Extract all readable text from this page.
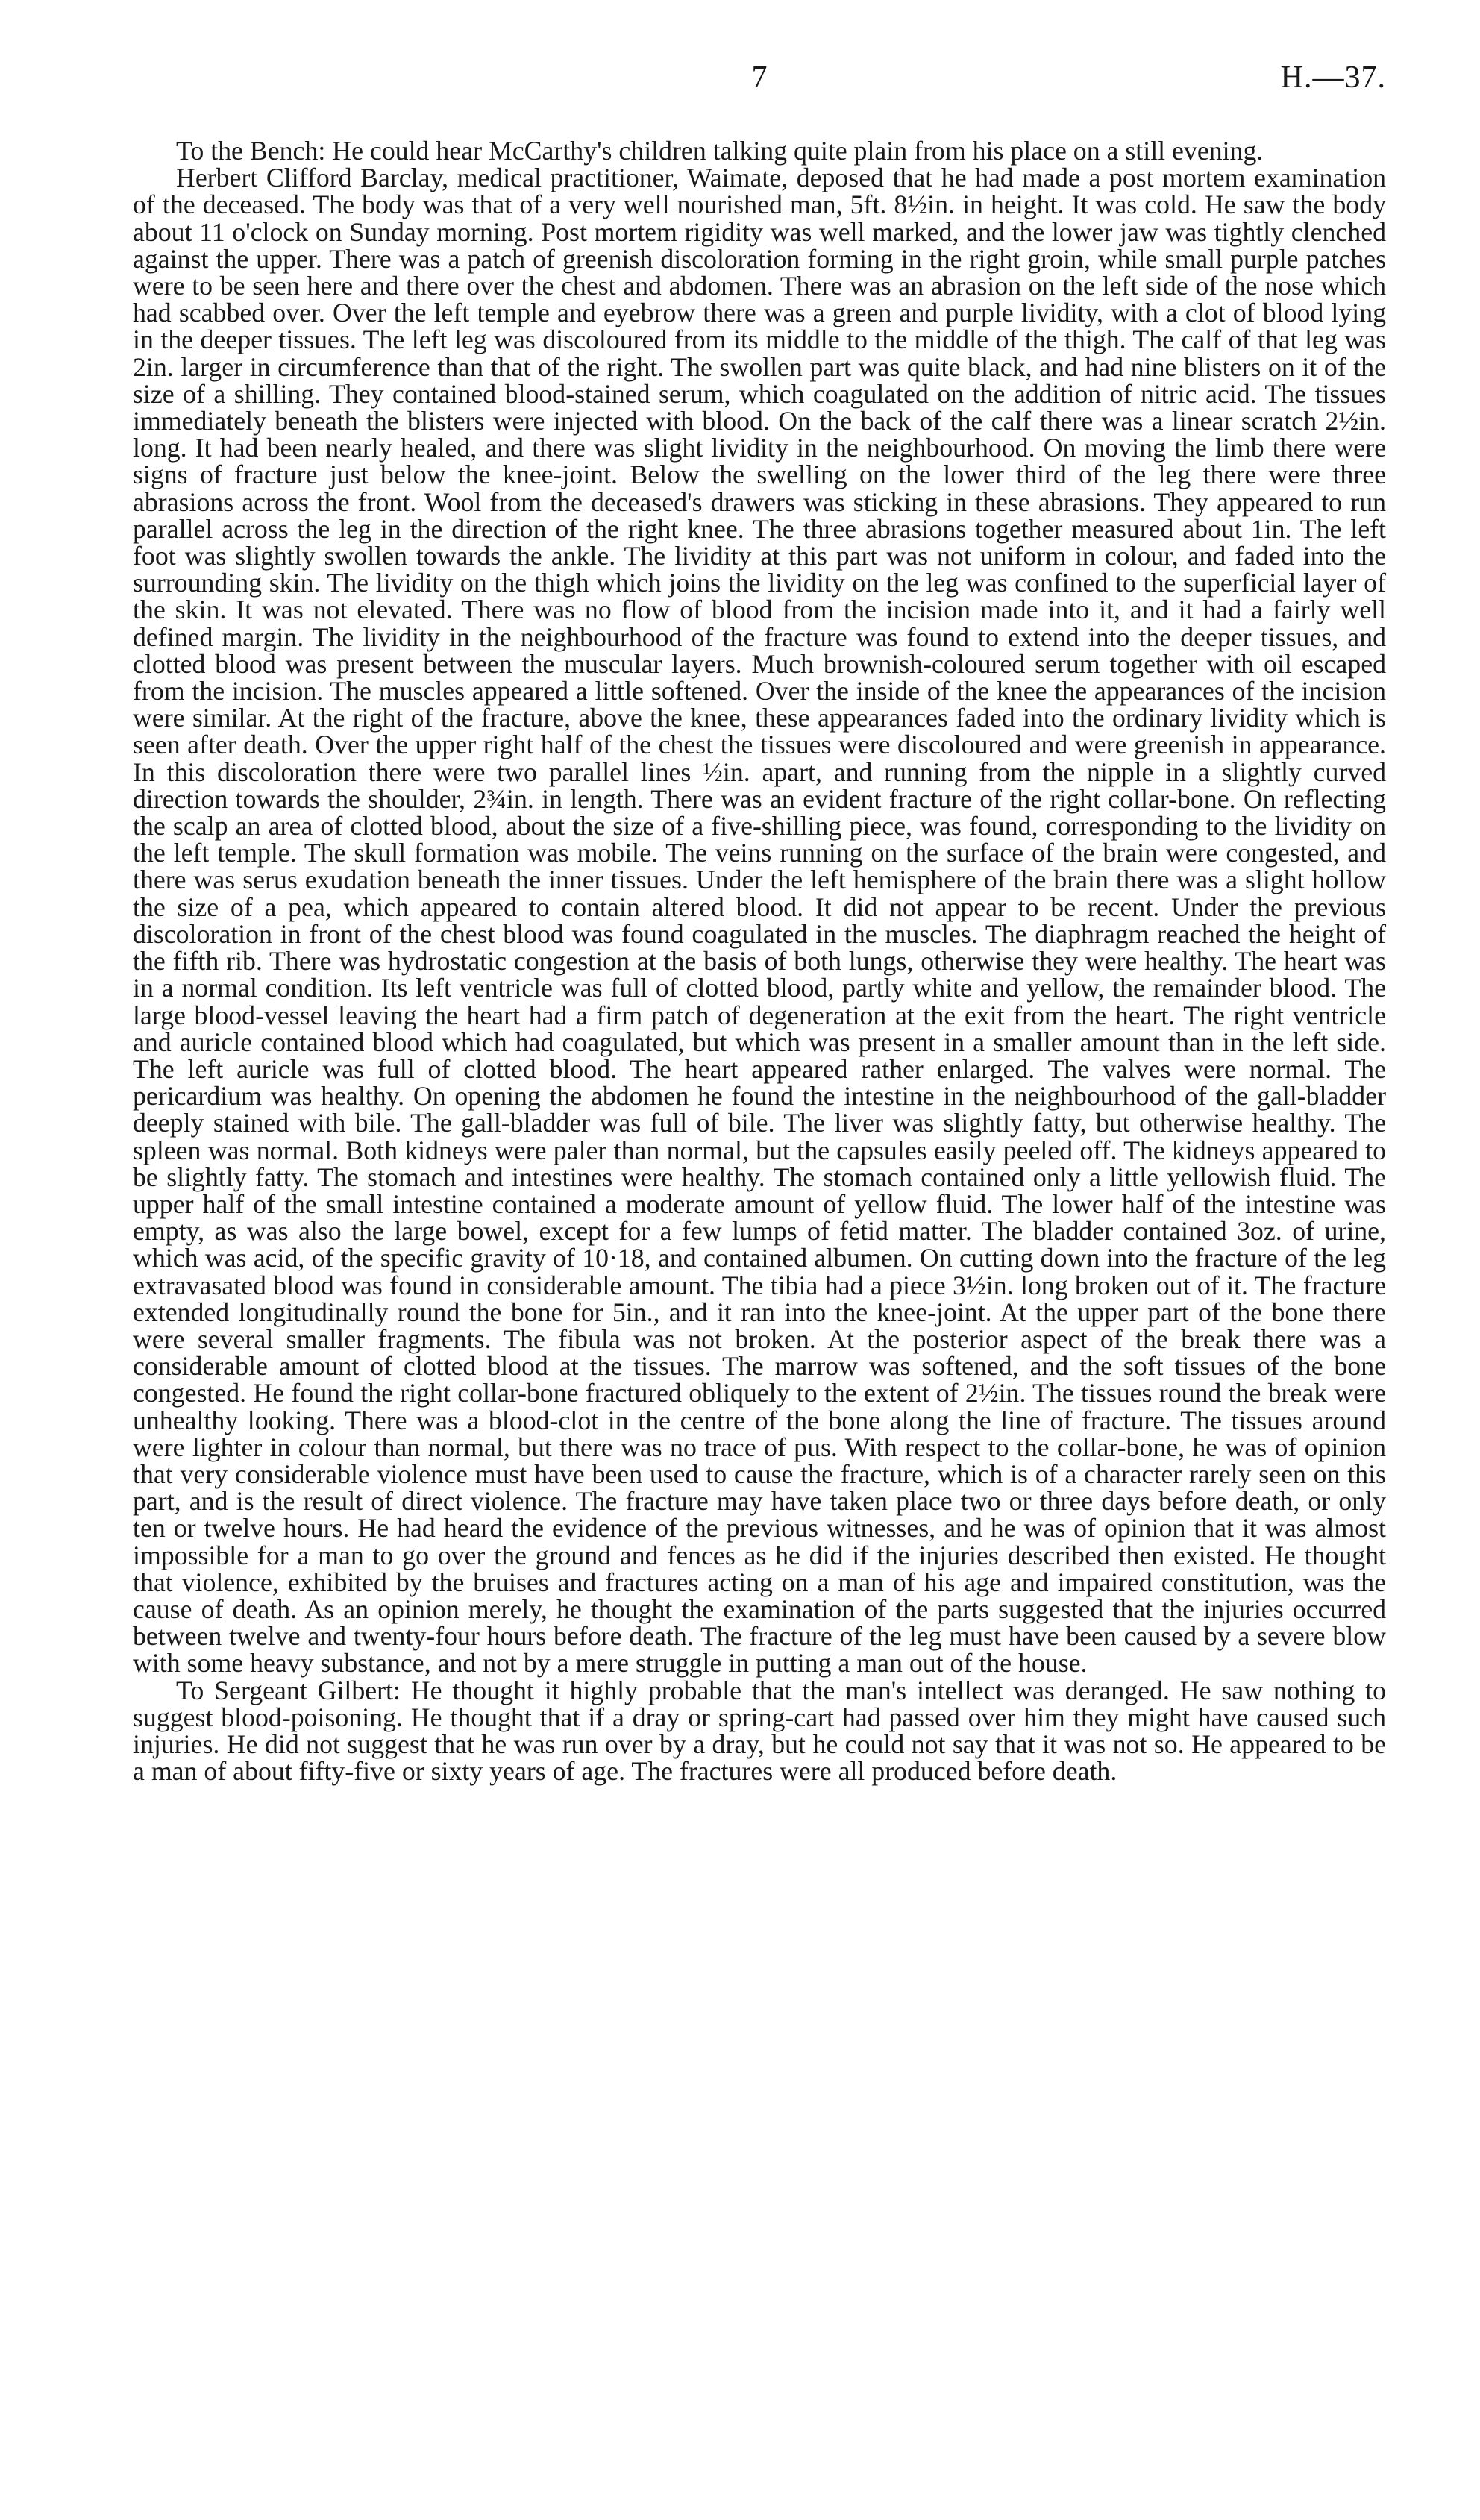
7	H.—37.

To the Bench: He could hear McCarthy's children talking quite plain from his place on a still evening.

Herbert Clifford Barclay, medical practitioner, Waimate, deposed that he had made a post mortem examination of the deceased. The body was that of a very well nourished man, 5ft. 8½in. in height. It was cold. He saw the body about 11 o'clock on Sunday morning. Post mortem rigidity was well marked, and the lower jaw was tightly clenched against the upper. There was a patch of greenish discoloration forming in the right groin, while small purple patches were to be seen here and there over the chest and abdomen. There was an abrasion on the left side of the nose which had scabbed over. Over the left temple and eyebrow there was a green and purple lividity, with a clot of blood lying in the deeper tissues. The left leg was discoloured from its middle to the middle of the thigh. The calf of that leg was 2in. larger in circumference than that of the right. The swollen part was quite black, and had nine blisters on it of the size of a shilling. They contained blood-stained serum, which coagulated on the addition of nitric acid. The tissues immediately beneath the blisters were injected with blood. On the back of the calf there was a linear scratch 2½in. long. It had been nearly healed, and there was slight lividity in the neighbourhood. On moving the limb there were signs of fracture just below the knee-joint. Below the swelling on the lower third of the leg there were three abrasions across the front. Wool from the deceased's drawers was sticking in these abrasions. They appeared to run parallel across the leg in the direction of the right knee. The three abrasions together measured about 1in. The left foot was slightly swollen towards the ankle. The lividity at this part was not uniform in colour, and faded into the surrounding skin. The lividity on the thigh which joins the lividity on the leg was confined to the superficial layer of the skin. It was not elevated. There was no flow of blood from the incision made into it, and it had a fairly well defined margin. The lividity in the neighbourhood of the fracture was found to extend into the deeper tissues, and clotted blood was present between the muscular layers. Much brownish-coloured serum together with oil escaped from the incision. The muscles appeared a little softened. Over the inside of the knee the appearances of the incision were similar. At the right of the fracture, above the knee, these appearances faded into the ordinary lividity which is seen after death. Over the upper right half of the chest the tissues were discoloured and were greenish in appearance. In this discoloration there were two parallel lines ½in. apart, and running from the nipple in a slightly curved direction towards the shoulder, 2¾in. in length. There was an evident fracture of the right collar-bone. On reflecting the scalp an area of clotted blood, about the size of a five-shilling piece, was found, corresponding to the lividity on the left temple. The skull formation was mobile. The veins running on the surface of the brain were congested, and there was serus exudation beneath the inner tissues. Under the left hemisphere of the brain there was a slight hollow the size of a pea, which appeared to contain altered blood. It did not appear to be recent. Under the previous discoloration in front of the chest blood was found coagulated in the muscles. The diaphragm reached the height of the fifth rib. There was hydrostatic congestion at the basis of both lungs, otherwise they were healthy. The heart was in a normal condition. Its left ventricle was full of clotted blood, partly white and yellow, the remainder blood. The large blood-vessel leaving the heart had a firm patch of degeneration at the exit from the heart. The right ventricle and auricle contained blood which had coagulated, but which was present in a smaller amount than in the left side. The left auricle was full of clotted blood. The heart appeared rather enlarged. The valves were normal. The pericardium was healthy. On opening the abdomen he found the intestine in the neighbourhood of the gall-bladder deeply stained with bile. The gall-bladder was full of bile. The liver was slightly fatty, but otherwise healthy. The spleen was normal. Both kidneys were paler than normal, but the capsules easily peeled off. The kidneys appeared to be slightly fatty. The stomach and intestines were healthy. The stomach contained only a little yellowish fluid. The upper half of the small intestine contained a moderate amount of yellow fluid. The lower half of the intestine was empty, as was also the large bowel, except for a few lumps of fetid matter. The bladder contained 3oz. of urine, which was acid, of the specific gravity of 10·18, and contained albumen. On cutting down into the fracture of the leg extravasated blood was found in considerable amount. The tibia had a piece 3½in. long broken out of it. The fracture extended longitudinally round the bone for 5in., and it ran into the knee-joint. At the upper part of the bone there were several smaller fragments. The fibula was not broken. At the posterior aspect of the break there was a considerable amount of clotted blood at the tissues. The marrow was softened, and the soft tissues of the bone congested. He found the right collar-bone fractured obliquely to the extent of 2½in. The tissues round the break were unhealthy looking. There was a blood-clot in the centre of the bone along the line of fracture. The tissues around were lighter in colour than normal, but there was no trace of pus. With respect to the collar-bone, he was of opinion that very considerable violence must have been used to cause the fracture, which is of a character rarely seen on this part, and is the result of direct violence. The fracture may have taken place two or three days before death, or only ten or twelve hours. He had heard the evidence of the previous witnesses, and he was of opinion that it was almost impossible for a man to go over the ground and fences as he did if the injuries described then existed. He thought that violence, exhibited by the bruises and fractures acting on a man of his age and impaired constitution, was the cause of death. As an opinion merely, he thought the examination of the parts suggested that the injuries occurred between twelve and twenty-four hours before death. The fracture of the leg must have been caused by a severe blow with some heavy substance, and not by a mere struggle in putting a man out of the house.

To Sergeant Gilbert: He thought it highly probable that the man's intellect was deranged. He saw nothing to suggest blood-poisoning. He thought that if a dray or spring-cart had passed over him they might have caused such injuries. He did not suggest that he was run over by a dray, but he could not say that it was not so. He appeared to be a man of about fifty-five or sixty years of age. The fractures were all produced before death.
